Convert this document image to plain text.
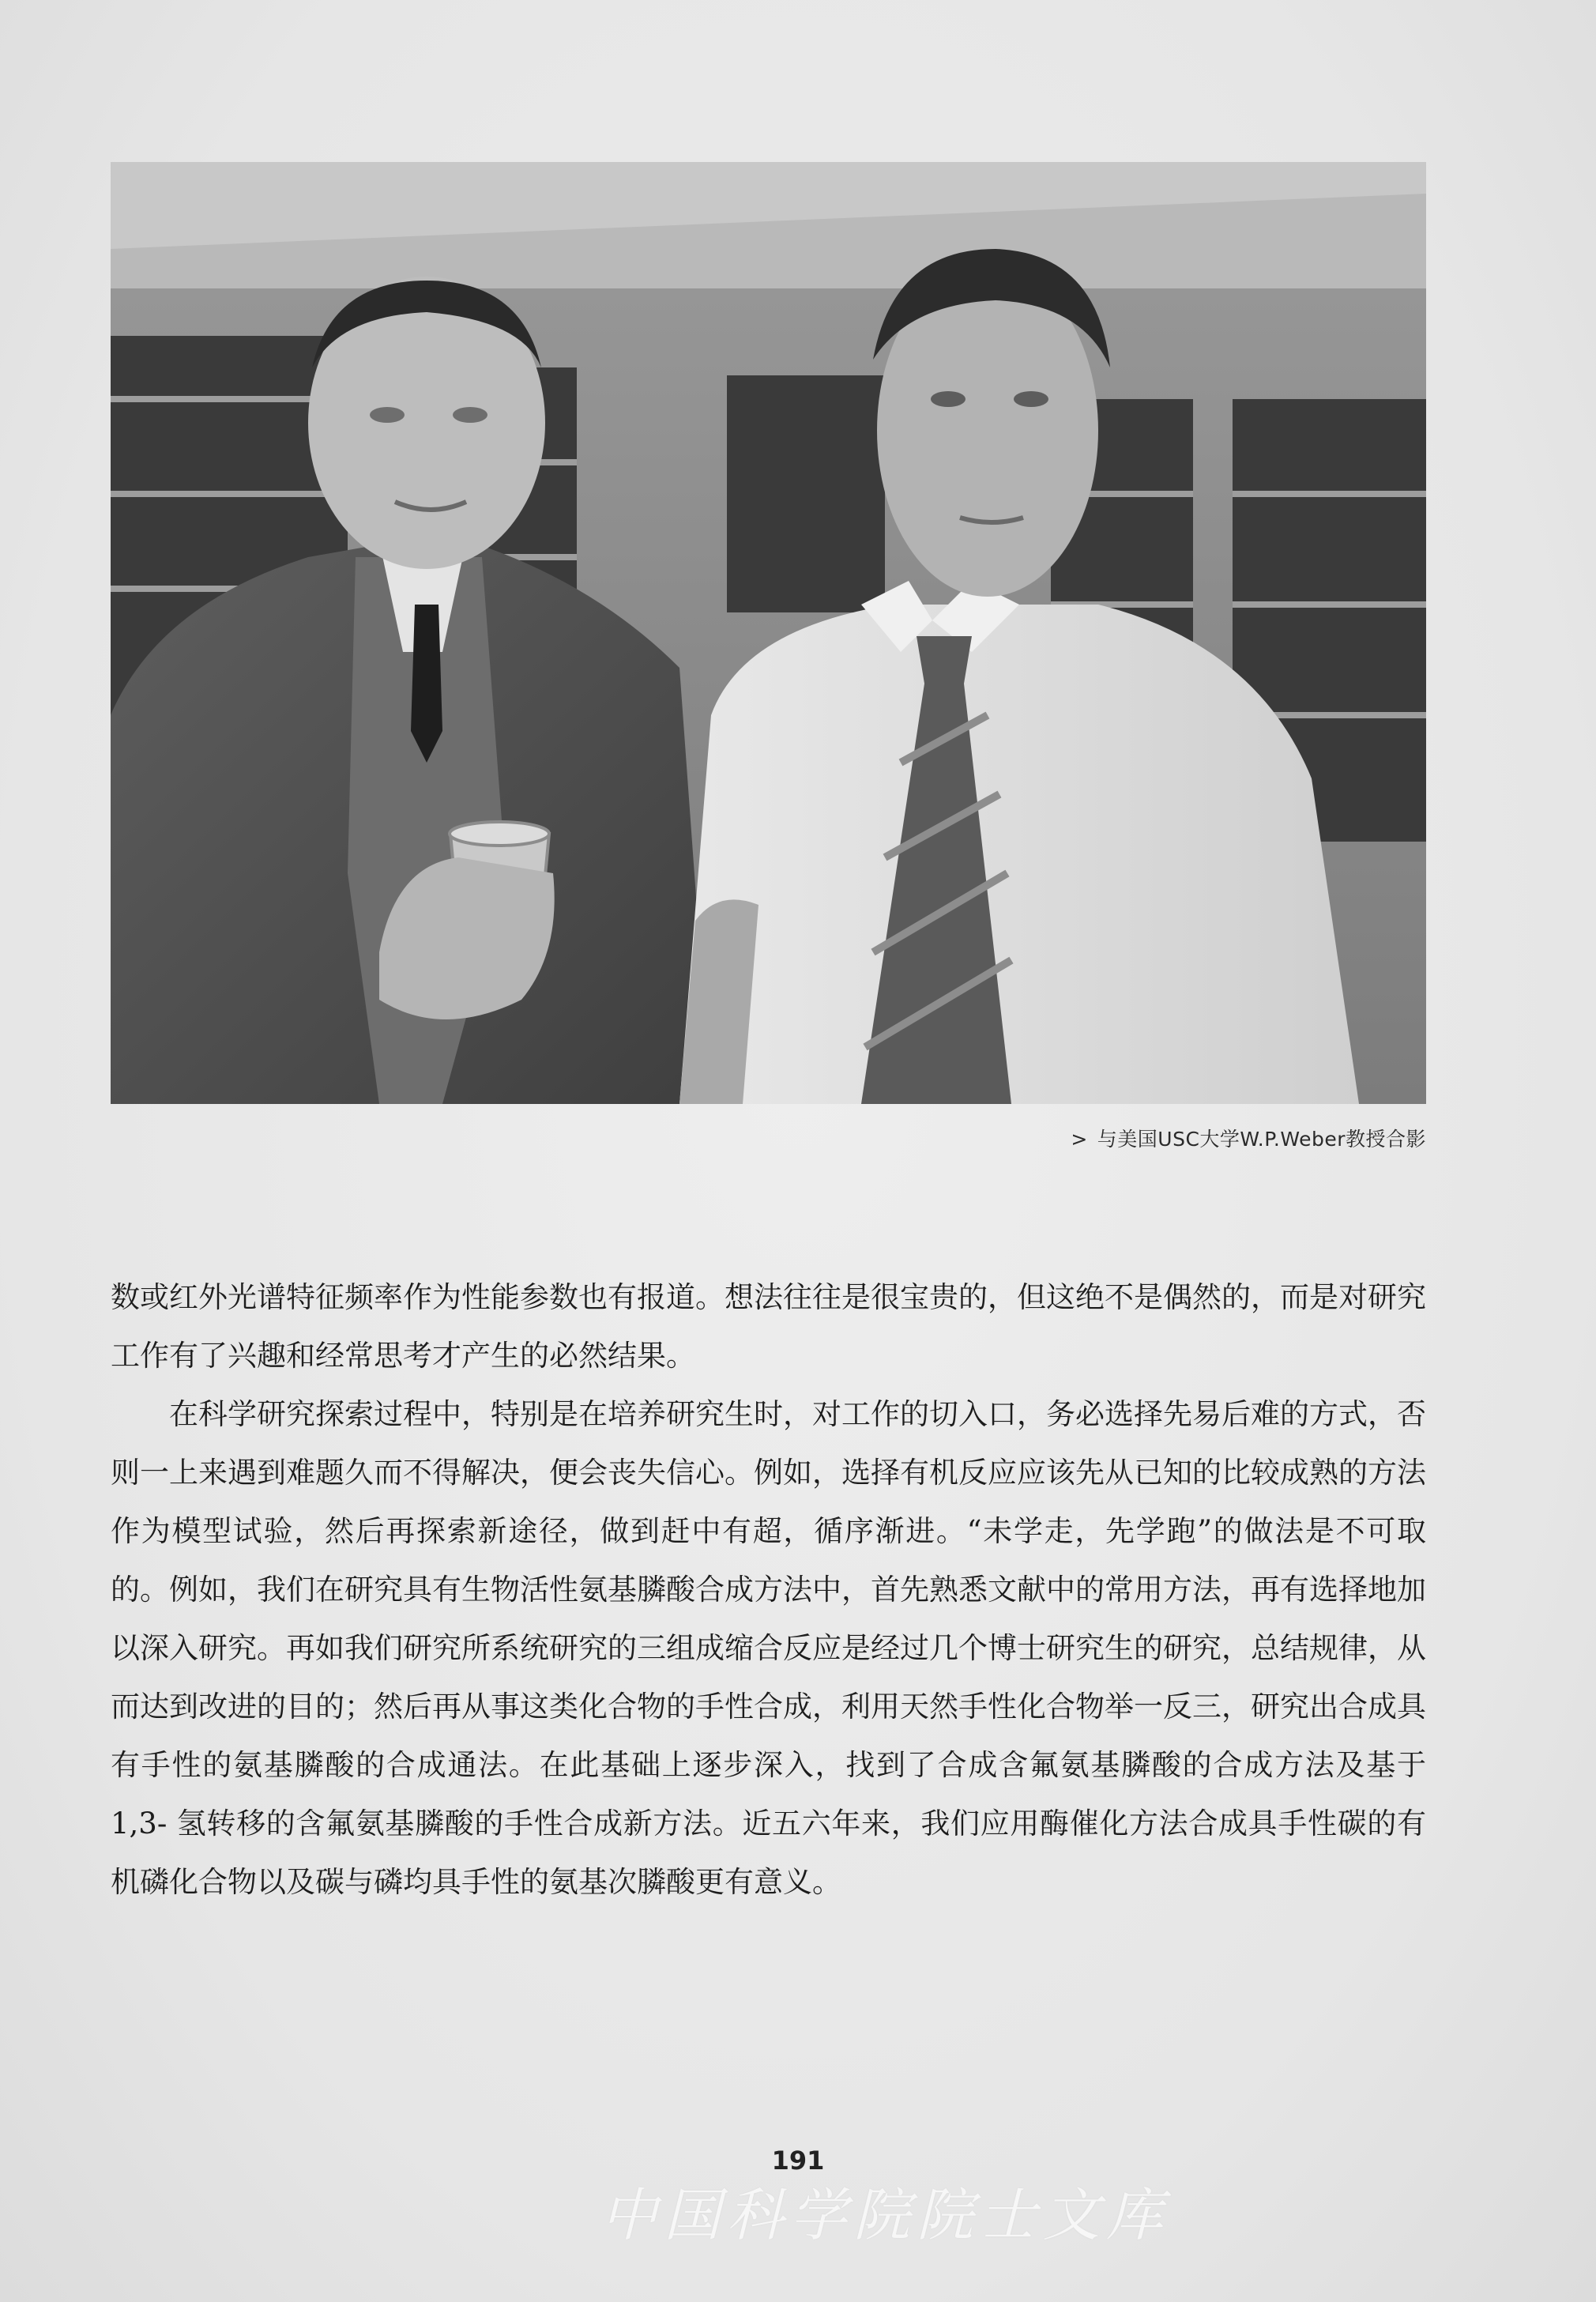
> 与美国USC大学W.P.Weber教授合影

数或红外光谱特征频率作为性能参数也有报道。想法往往是很宝贵的，但这绝不是偶然的，而是对研究工作有了兴趣和经常思考才产生的必然结果。

在科学研究探索过程中，特别是在培养研究生时，对工作的切入口，务必选择先易后难的方式，否则一上来遇到难题久而不得解决，便会丧失信心。例如，选择有机反应应该先从已知的比较成熟的方法作为模型试验，然后再探索新途径，做到赶中有超，循序渐进。“未学走，先学跑”的做法是不可取的。例如，我们在研究具有生物活性氨基膦酸合成方法中，首先熟悉文献中的常用方法，再有选择地加以深入研究。再如我们研究所系统研究的三组成缩合反应是经过几个博士研究生的研究，总结规律，从而达到改进的目的；然后再从事这类化合物的手性合成，利用天然手性化合物举一反三，研究出合成具有手性的氨基膦酸的合成通法。在此基础上逐步深入，找到了合成含氟氨基膦酸的合成方法及基于 1,3- 氢转移的含氟氨基膦酸的手性合成新方法。近五六年来，我们应用酶催化方法合成具手性碳的有机磷化合物以及碳与磷均具手性的氨基次膦酸更有意义。

191
中国科学院院士文库
